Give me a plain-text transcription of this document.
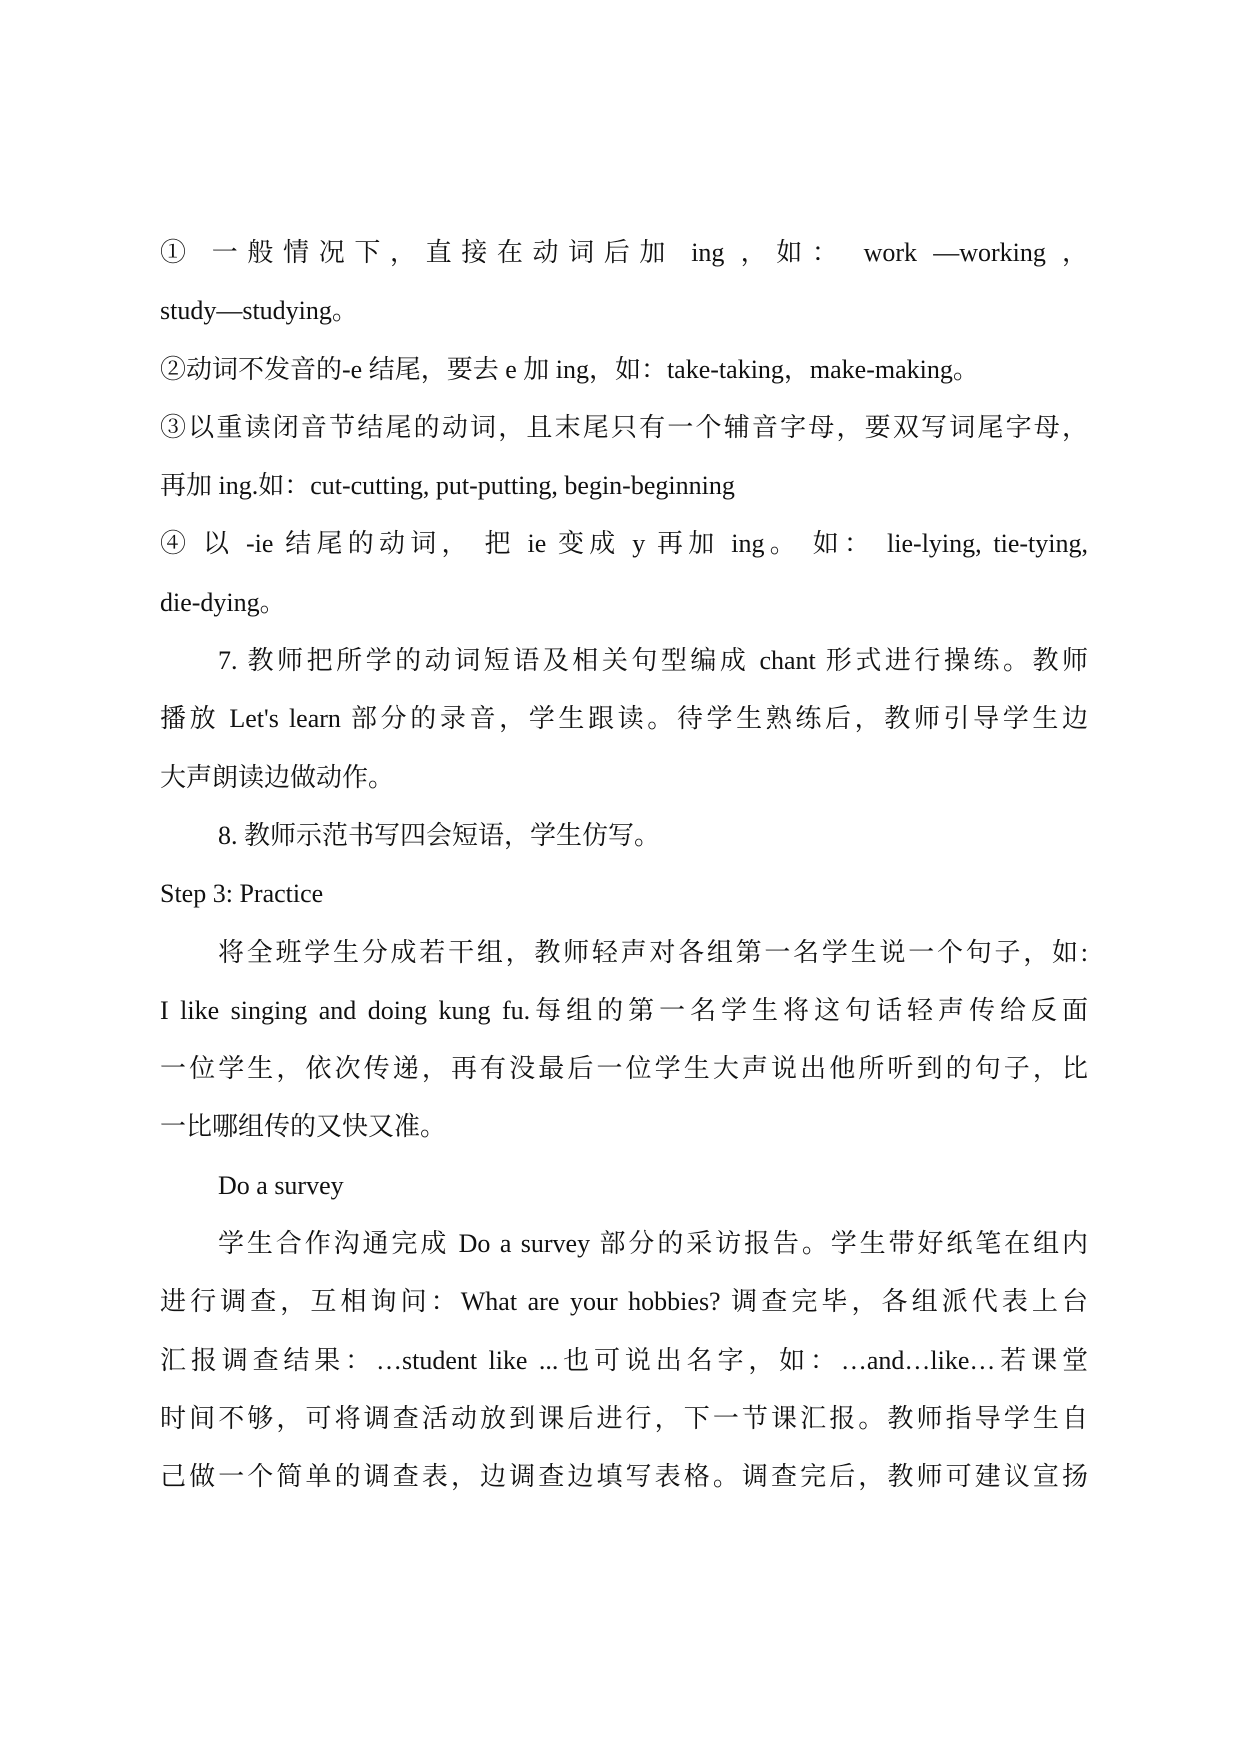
① 一般情况下，直接在动词后加 ing ，如： work —working ，

study—studying。

②动词不发音的-e 结尾，要去 e 加 ing，如：take-taking，make-making。

③以重读闭音节结尾的动词，且末尾只有一个辅音字母，要双写词尾字母，

再加 ing.如：cut-cutting, put-putting, begin-beginning

④ 以 -ie 结尾的动词， 把 ie 变成 y 再加 ing。 如： lie-lying, tie-tying,

die-dying。

7. 教师把所学的动词短语及相关句型编成 chant 形式进行操练。教师

播放 Let's learn 部分的录音，学生跟读。待学生熟练后，教师引导学生边

大声朗读边做动作。

8. 教师示范书写四会短语，学生仿写。

Step 3: Practice

将全班学生分成若干组，教师轻声对各组第一名学生说一个句子，如:

I like singing and doing kung fu.每组的第一名学生将这句话轻声传给反面

一位学生，依次传递，再有没最后一位学生大声说出他所听到的句子，比

一比哪组传的又快又准。

Do a survey

学生合作沟通完成 Do a survey 部分的采访报告。学生带好纸笔在组内

进行调查，互相询问：What are your hobbies? 调查完毕，各组派代表上台

汇报调查结果：…student like ...也可说出名字，如：…and…like…若课堂

时间不够，可将调查活动放到课后进行，下一节课汇报。教师指导学生自

己做一个简单的调查表，边调查边填写表格。调查完后，教师可建议宣扬
